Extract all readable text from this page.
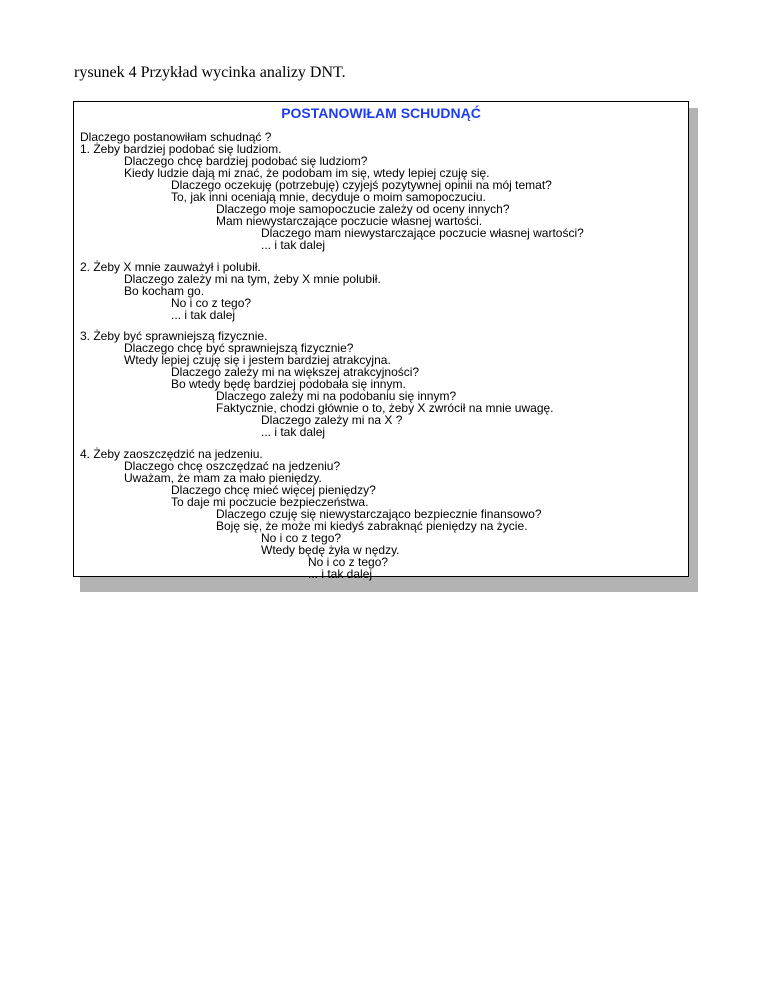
rysunek 4 Przykład wycinka analizy DNT.
POSTANOWIŁAM SCHUDNĄĆ
Dlaczego postanowiłam schudnąć ?
1. Żeby bardziej podobać się ludziom.
Dlaczego chcę bardziej podobać się ludziom?
Kiedy ludzie dają mi znać, że podobam im się, wtedy lepiej czuję się.
Dlaczego oczekuję (potrzebuję) czyjejś pozytywnej opinii na mój temat?
To, jak inni oceniają mnie, decyduje o moim samopoczuciu.
Dlaczego moje samopoczucie zależy od oceny innych?
Mam niewystarczające poczucie własnej wartości.
Dlaczego mam niewystarczające poczucie własnej wartości?
... i tak dalej
2. Żeby X mnie zauważył i polubił.
Dlaczego zależy mi na tym, żeby X mnie polubił.
Bo kocham go.
No i co z tego?
... i tak dalej
3. Żeby być sprawniejszą fizycznie.
Dlaczego chcę być sprawniejszą fizycznie?
Wtedy lepiej czuję się i jestem bardziej atrakcyjna.
Dlaczego zależy mi na większej atrakcyjności?
Bo wtedy będę bardziej podobała się innym.
Dlaczego zależy mi na podobaniu się innym?
Faktycznie, chodzi głównie o to, żeby X zwrócił na mnie uwagę.
Dlaczego zależy mi na X ?
... i tak dalej
4. Żeby zaoszczędzić na jedzeniu.
Dlaczego chcę oszczędzać na jedzeniu?
Uważam, że mam za mało pieniędzy.
Dlaczego chcę mieć więcej pieniędzy?
To daje mi poczucie bezpieczeństwa.
Dlaczego czuję się niewystarczająco bezpiecznie finansowo?
Boję się, że może mi kiedyś zabraknąć pieniędzy na życie.
No i co z tego?
Wtedy będę żyła w nędzy.
No i co z tego?
... i tak dalej
